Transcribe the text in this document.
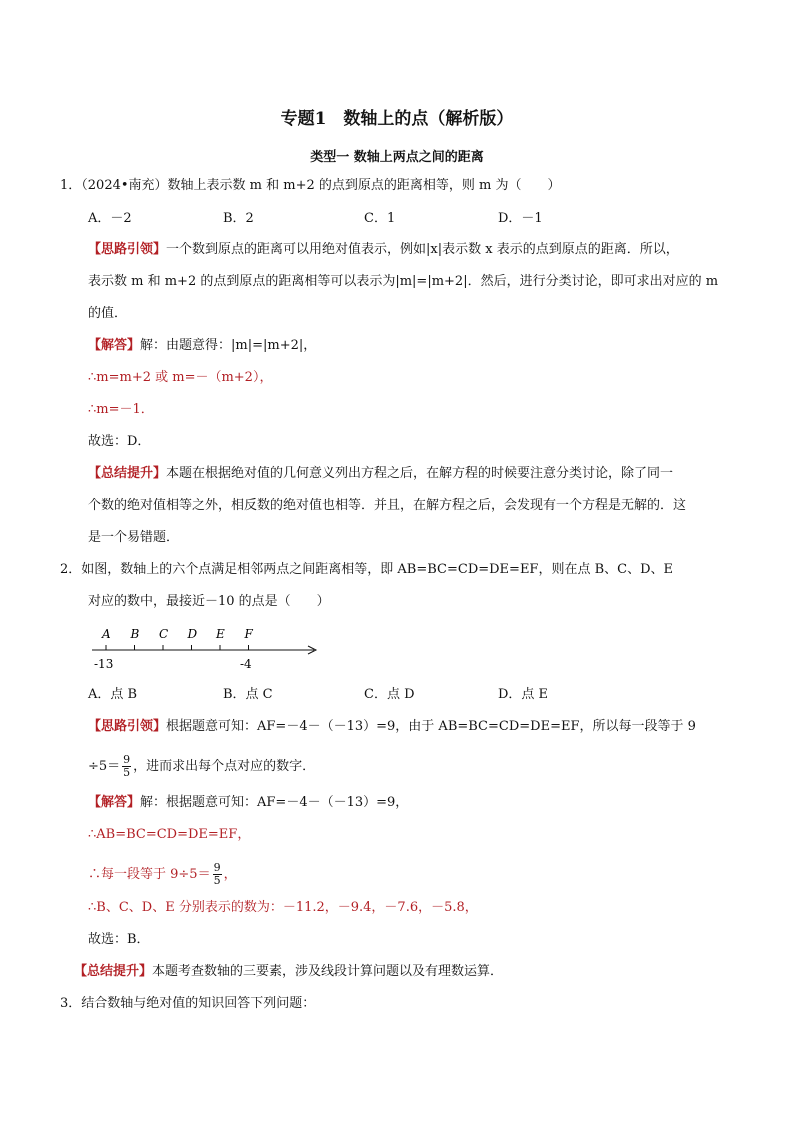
专题1　数轴上的点（解析版）
类型一 数轴上两点之间的距离
1．（2024•南充）数轴上表示数 m 和 m+2 的点到原点的距离相等，则 m 为（　　）
A．－2	B．2	C．1	D．－1
【思路引领】一个数到原点的距离可以用绝对值表示，例如|x|表示数 x 表示的点到原点的距离．所以，
表示数 m 和 m+2 的点到原点的距离相等可以表示为|m|=|m+2|．然后，进行分类讨论，即可求出对应的 m
的值．
【解答】解：由题意得：|m|=|m+2|，
∴m=m+2 或 m=－（m+2），
∴m=－1．
故选：D．
【总结提升】本题在根据绝对值的几何意义列出方程之后，在解方程的时候要注意分类讨论，除了同一
个数的绝对值相等之外，相反数的绝对值也相等．并且，在解方程之后，会发现有一个方程是无解的．这
是一个易错题．
2．如图，数轴上的六个点满足相邻两点之间距离相等，即 AB=BC=CD=DE=EF，则在点 B、C、D、E
对应的数中，最接近－10 的点是（　　）
A B C D E F
-13	-4
A．点 B	B．点 C	C．点 D	D．点 E
【思路引领】根据题意可知：AF=－4－（－13）=9，由于 AB=BC=CD=DE=EF，所以每一段等于 9
$\div 5= \frac{9}{5}$ ，进而求出每个点对应的数字．
【解答】解：根据题意可知：AF=－4－（－13）=9，
∴AB=BC=CD=DE=EF，
∴每一段等于 $9\div 5= \frac{9}{5}$ ，
∴B、C、D、E 分别表示的数为：－11.2，－9.4，－7.6，－5.8，
故选：B．
【总结提升】本题考查数轴的三要素，涉及线段计算问题以及有理数运算．
3．结合数轴与绝对值的知识回答下列问题：
